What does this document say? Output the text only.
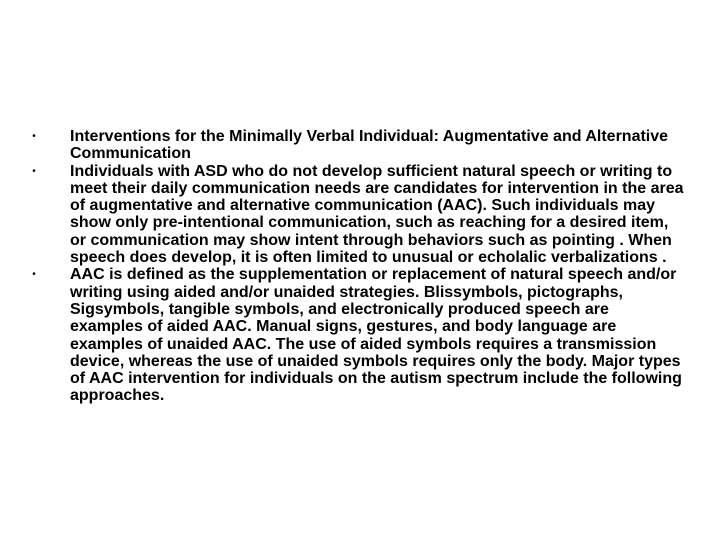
• Interventions for the Minimally Verbal Individual: Augmentative and Alternative Communication
• Individuals with ASD who do not develop sufficient natural speech or writing to meet their daily communication needs are candidates for intervention in the area of augmentative and alternative communication (AAC). Such individuals may show only pre-intentional communication, such as reaching for a desired item, or communication may show intent through behaviors such as pointing . When speech does develop, it is often limited to unusual or echolalic verbalizations .
• AAC is defined as the supplementation or replacement of natural speech and/or writing using aided and/or unaided strategies. Blissymbols, pictographs, Sigsymbols, tangible symbols, and electronically produced speech are examples of aided AAC. Manual signs, gestures, and body language are examples of unaided AAC. The use of aided symbols requires a transmission device, whereas the use of unaided symbols requires only the body. Major types of AAC intervention for individuals on the autism spectrum include the following approaches.
